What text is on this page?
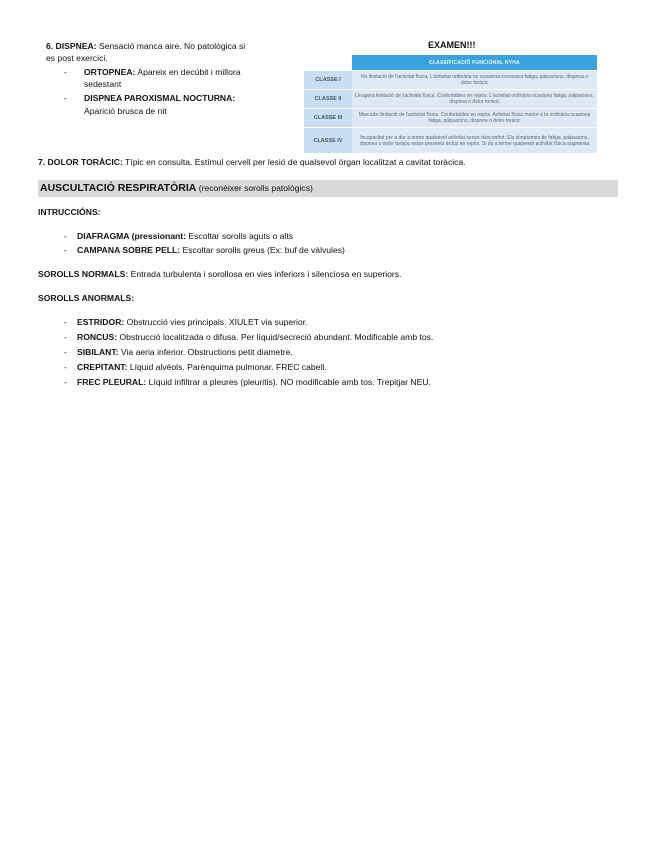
6. DISPNEA: Sensació manca aire. No patològica si
es post exercici.
-	ORTOPNEA: Apareix en decúbit i millora
sedestant
-	DISPNEA PAROXISMAL NOCTURNA:
Aparició brusca de nit
EXAMEN!!!
	CLASSIFICACIÓ FUNCIONAL NYHA
CLASSE I	No limitació de l'activitat física. L'activitat ordinària no ocasiona excessiva fatiga, palpacions, dispnea o dolor toràcic
CLASSE II	Lleugera limitació de l'activitat física. Confortables en repòs. L'activitat ordinària ocasiona fatiga, palpacions, dispnea o dolor toràcic
CLASSE III	Marcada limitació de l'activitat física. Confortables en repòs. Activitat física menor a la ordinària ocasiona fatiga, palpacions, dispnea o dolor toràcic
CLASSE IV	Incapacitat per a dur a terme qualsevol activitat sense desconfort. Els símptomes de fatiga, palpacions, dispnea o dolor toràcic estan presents inclús en repòs. Si du a terme qualsevol activitat física augmenta
7. DOLOR TORÀCIC: Típic en consulta. Estímul cervell per lesió de qualsevol òrgan localitzat a cavitat toràcica.
AUSCULTACIÓ RESPIRATÒRIA (reconèixer sorolls patològics)
INTRUCCIÓNS:
-	DIAFRAGMA (pressionant: Escoltar sorolls aguts o alts
-	CAMPANA SOBRE PELL: Escoltar sorolls greus (Ex: buf de vàlvules)
SOROLLS NORMALS: Entrada turbulenta i sorollosa en vies inferiors i silenciosa en superiors.
SOROLLS ANORMALS:
-	ESTRIDOR: Obstrucció vies principals. XIULET via superior.
-	RONCUS: Obstrucció localitzada o difusa. Per líquid/secreció abundant. Modificable amb tos.
-	SIBILANT: Via aeria inferior. Obstructions petit diametre.
-	CREPITANT: Líquid alvèols. Parènquima pulmonar. FREC cabell.
-	FREC PLEURAL: Líquid infiltrar a pleures (pleuritis). NO modificable amb tos. Trepitjar NEU.
